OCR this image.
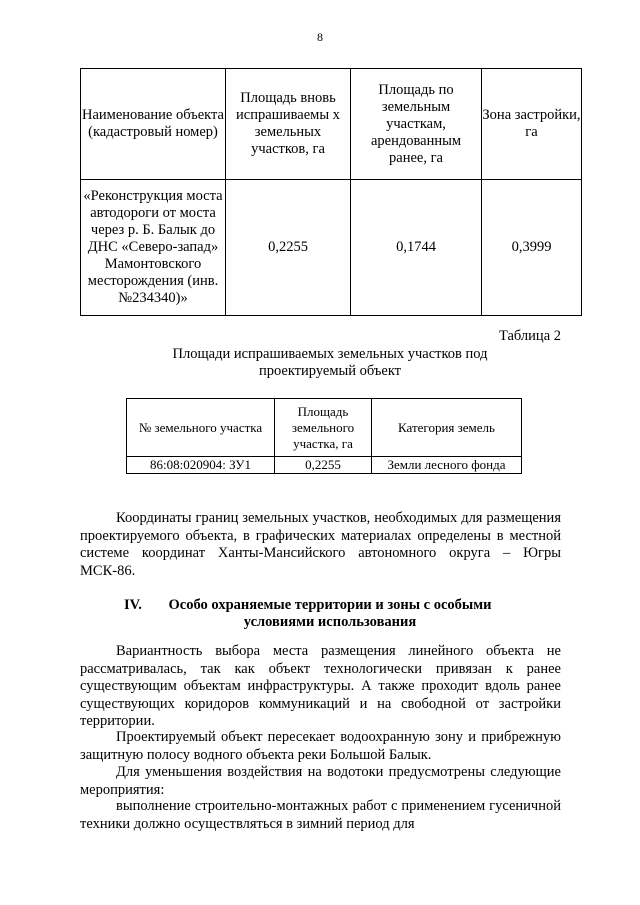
8
Наименование объекта (кадастровый номер)	Площадь вновь испрашиваемы х земельных участков, га	Площадь по земельным участкам, арендованным ранее, га	Зона застройки, га
«Реконструкция моста автодороги от моста через р. Б. Балык до ДНС «Северо-запад» Мамонтовского месторождения (инв.№234340)»	0,2255	0,1744	0,3999
Таблица 2
Площади испрашиваемых земельных участков под проектируемый объект
№ земельного участка	Площадь земельного участка, га	Категория земель
86:08:020904: ЗУ1	0,2255	Земли лесного фонда
Координаты границ земельных участков, необходимых для размещения проектируемого объекта, в графических материалах определены в местной системе координат Ханты-Мансийского автономного округа – Югры МСК-86.
IV.	Особо охраняемые территории и зоны с особыми условиями использования
Вариантность выбора места размещения линейного объекта не рассматривалась, так как объект технологически привязан к ранее существующим объектам инфраструктуры. А также проходит вдоль ранее существующих коридоров коммуникаций и на свободной от застройки территории.
Проектируемый объект пересекает водоохранную зону и прибрежную защитную полосу водного объекта реки Большой Балык.
Для уменьшения воздействия на водотоки предусмотрены следующие мероприятия:
выполнение строительно-монтажных работ с применением гусеничной техники должно осуществляться в зимний период для
